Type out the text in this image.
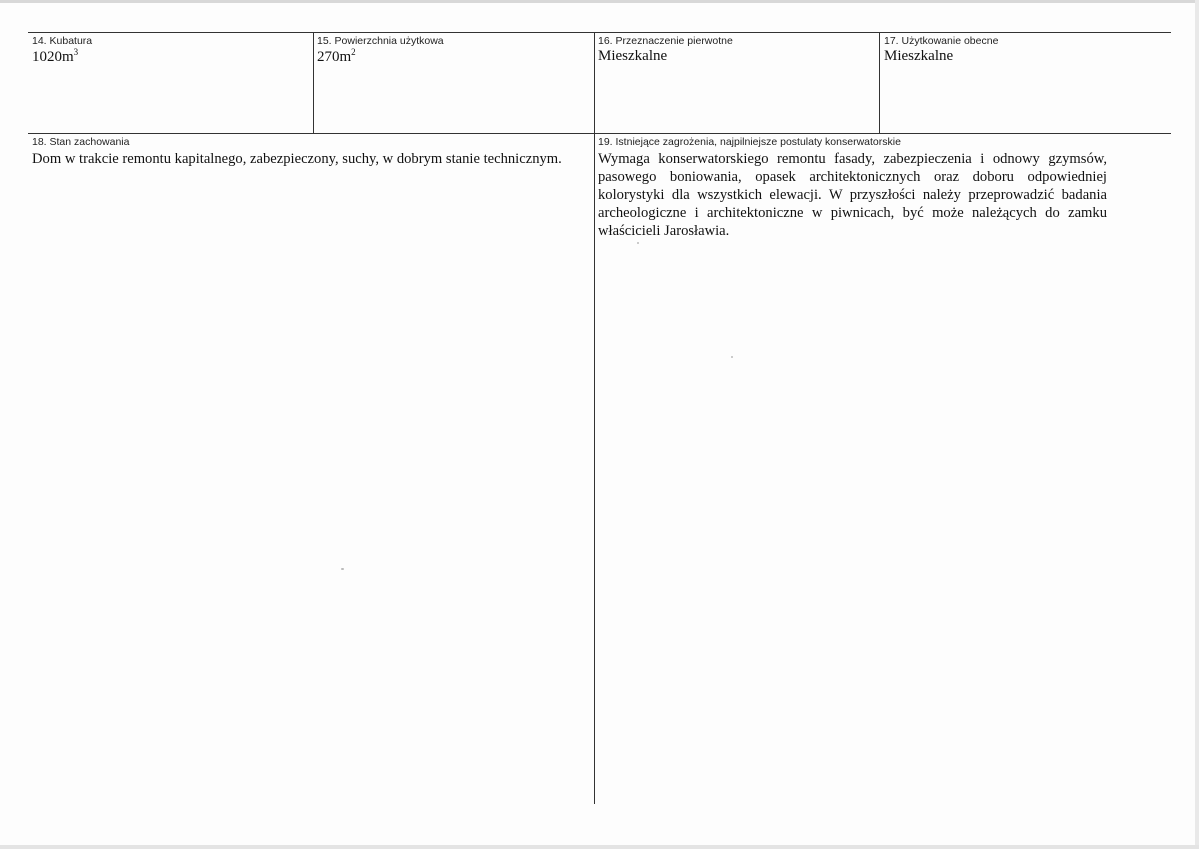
14. Kubatura
$1020m^3$
15. Powierzchnia użytkowa
$270m^2$
16. Przeznaczenie pierwotne
Mieszkalne
17. Użytkowanie obecne
Mieszkalne
18. Stan zachowania
Dom w trakcie remontu kapitalnego, zabezpieczony, suchy, w dobrym stanie technicznym.
19. Istniejące zagrożenia, najpilniejsze postulaty konserwatorskie
Wymaga konserwatorskiego remontu fasady, zabezpieczenia i odnowy gzymsów, pasowego boniowania, opasek architektonicznych oraz doboru odpowiedniej kolorystyki dla wszystkich elewacji. W przyszłości należy przeprowadzić badania archeologiczne i architektoniczne w piwnicach, być może należących do zamku właścicieli Jarosławia.
